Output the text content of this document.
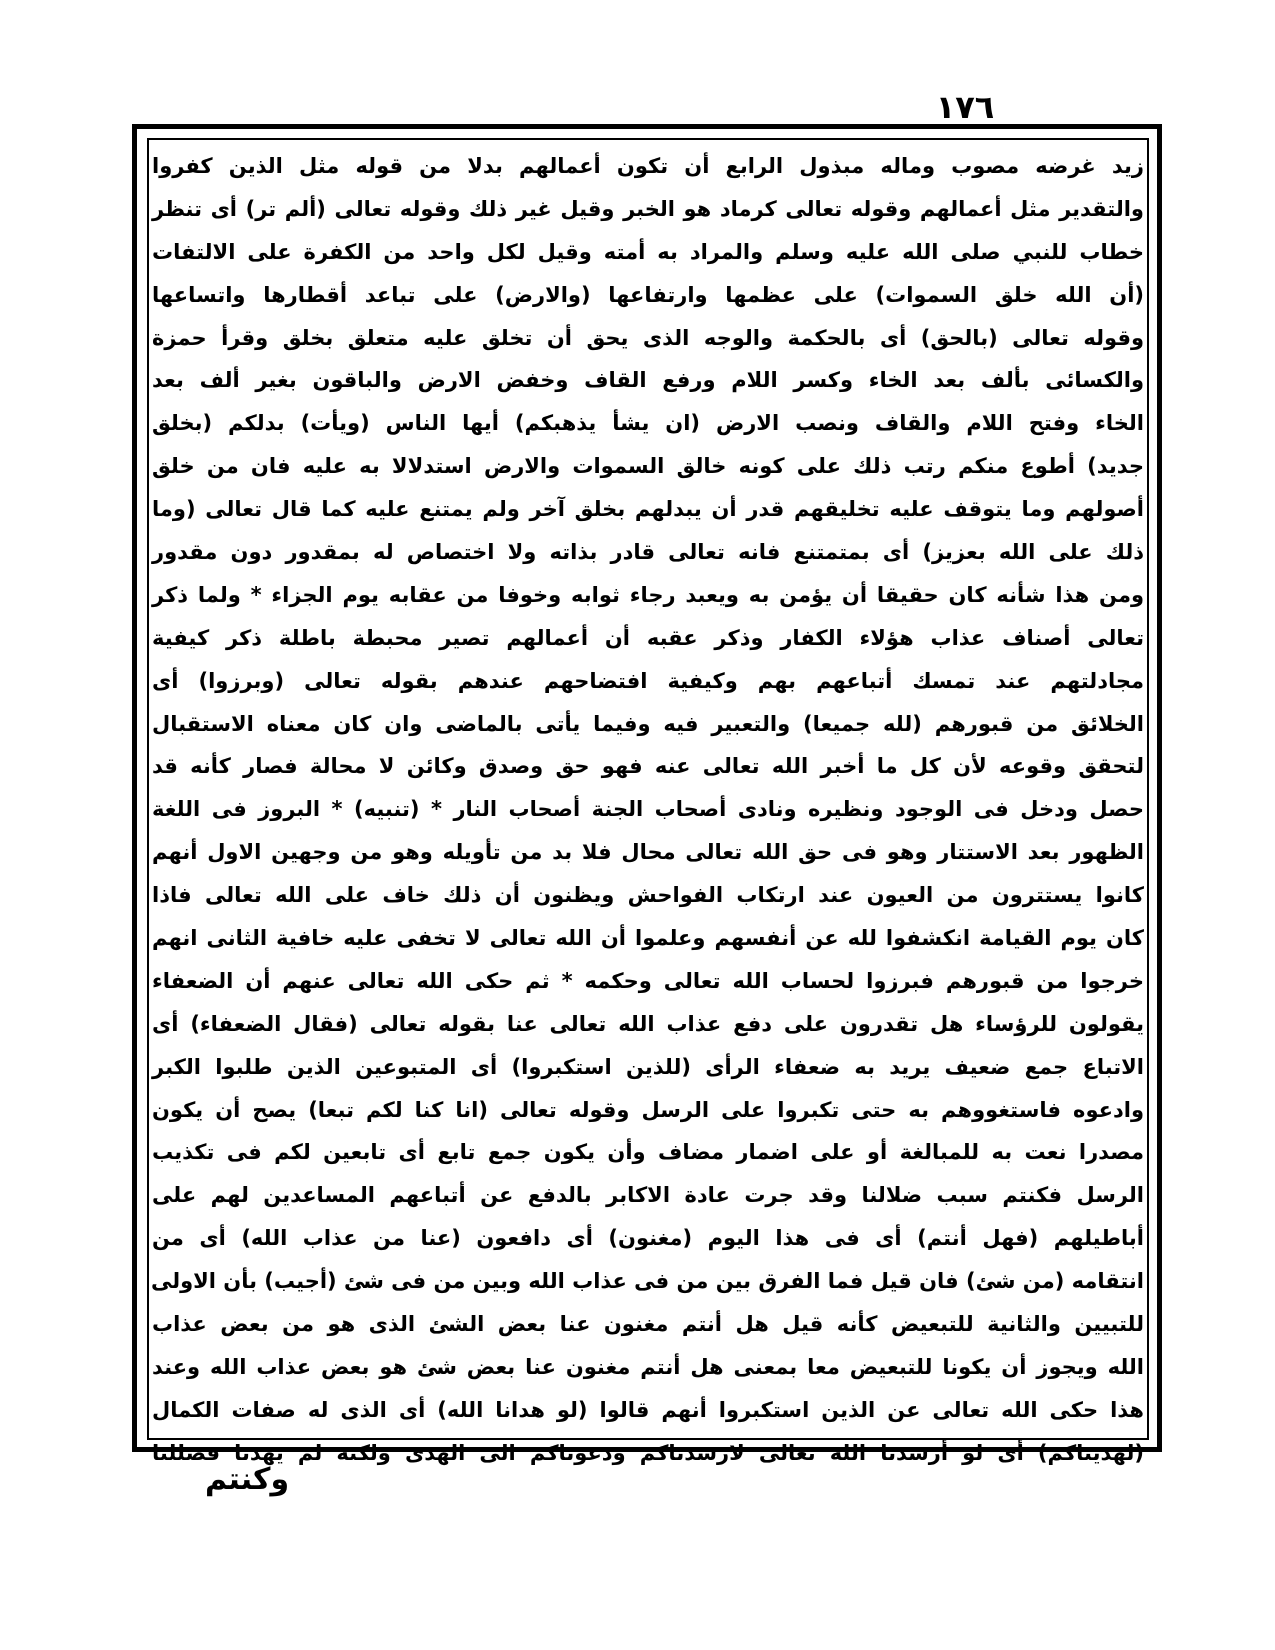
١٧٦
زيد غرضه مصوب وماله مبذول الرابع أن تكون أعمالهم بدلا من قوله مثل الذين كفروا
والتقدير مثل أعمالهم وقوله تعالى كرماد هو الخبر وقيل غير ذلك وقوله تعالى (ألم تر) أى تنظر
خطاب للنبي صلى الله عليه وسلم والمراد به أمته وقيل لكل واحد من الكفرة على الالتفات
(أن الله خلق السموات) على عظمها وارتفاعها (والارض) على تباعد أقطارها واتساعها
وقوله تعالى (بالحق) أى بالحكمة والوجه الذى يحق أن تخلق عليه متعلق بخلق وقرأ حمزة
والكسائى بألف بعد الخاء وكسر اللام ورفع القاف وخفض الارض والباقون بغير ألف بعد
الخاء وفتح اللام والقاف ونصب الارض (ان يشأ يذهبكم) أيها الناس (ويأت) بدلكم (بخلق
جديد) أطوع منكم رتب ذلك على كونه خالق السموات والارض استدلالا به عليه فان من خلق
أصولهم وما يتوقف عليه تخليقهم قدر أن يبدلهم بخلق آخر ولم يمتنع عليه كما قال تعالى (وما
ذلك على الله بعزيز) أى بمتمتنع فانه تعالى قادر بذاته ولا اختصاص له بمقدور دون مقدور
ومن هذا شأنه كان حقيقا أن يؤمن به ويعبد رجاء ثوابه وخوفا من عقابه يوم الجزاء * ولما ذكر
تعالى أصناف عذاب هؤلاء الكفار وذكر عقبه أن أعمالهم تصير محبطة باطلة ذكر كيفية
مجادلتهم عند تمسك أتباعهم بهم وكيفية افتضاحهم عندهم بقوله تعالى (وبرزوا) أى
الخلائق من قبورهم (لله جميعا) والتعبير فيه وفيما يأتى بالماضى وان كان معناه الاستقبال
لتحقق وقوعه لأن كل ما أخبر الله تعالى عنه فهو حق وصدق وكائن لا محالة فصار كأنه قد
حصل ودخل فى الوجود ونظيره ونادى أصحاب الجنة أصحاب النار * (تنبيه) * البروز فى اللغة
الظهور بعد الاستتار وهو فى حق الله تعالى محال فلا بد من تأويله وهو من وجهين الاول أنهم
كانوا يستترون من العيون عند ارتكاب الفواحش ويظنون أن ذلك خاف على الله تعالى فاذا
كان يوم القيامة انكشفوا لله عن أنفسهم وعلموا أن الله تعالى لا تخفى عليه خافية الثانى انهم
خرجوا من قبورهم فبرزوا لحساب الله تعالى وحكمه * ثم حكى الله تعالى عنهم أن الضعفاء
يقولون للرؤساء هل تقدرون على دفع عذاب الله تعالى عنا بقوله تعالى (فقال الضعفاء) أى
الاتباع جمع ضعيف يريد به ضعفاء الرأى (للذين استكبروا) أى المتبوعين الذين طلبوا الكبر
وادعوه فاستغووهم به حتى تكبروا على الرسل وقوله تعالى (انا كنا لكم تبعا) يصح أن يكون
مصدرا نعت به للمبالغة أو على اضمار مضاف وأن يكون جمع تابع أى تابعين لكم فى تكذيب
الرسل فكنتم سبب ضلالنا وقد جرت عادة الاكابر بالدفع عن أتباعهم المساعدين لهم على
أباطيلهم (فهل أنتم) أى فى هذا اليوم (مغنون) أى دافعون (عنا من عذاب الله) أى من
انتقامه (من شئ) فان قيل فما الفرق بين من فى عذاب الله وبين من فى شئ (أجيب) بأن الاولى
للتبيين والثانية للتبعيض كأنه قيل هل أنتم مغنون عنا بعض الشئ الذى هو من بعض عذاب
الله ويجوز أن يكونا للتبعيض معا بمعنى هل أنتم مغنون عنا بعض شئ هو بعض عذاب الله وعند
هذا حكى الله تعالى عن الذين استكبروا أنهم قالوا (لو هدانا الله) أى الذى له صفات الكمال
(لهديناكم) أى لو أرشدنا الله تعالى لارشدناكم ودعوناكم الى الهدى ولكنه لم يهدنا فضللنا
وكنتم
